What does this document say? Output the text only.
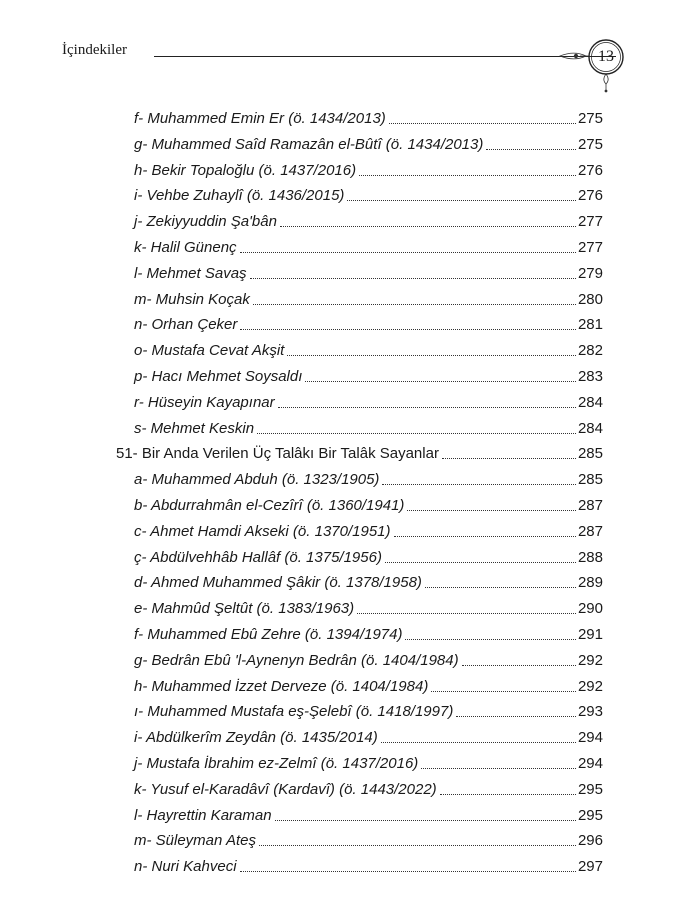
İçindekiler	13
f- Muhammed Emin Er (ö. 1434/2013)	275
g- Muhammed Saîd Ramazân el-Bûtî (ö. 1434/2013)	275
h- Bekir Topaloğlu (ö. 1437/2016)	276
i- Vehbe Zuhaylî (ö. 1436/2015)	276
j- Zekiyyuddin Şa'bân	277
k- Halil Günenç	277
l- Mehmet Savaş	279
m- Muhsin Koçak	280
n- Orhan Çeker	281
o- Mustafa Cevat Akşit	282
p- Hacı Mehmet Soysaldı	283
r- Hüseyin Kayapınar	284
s- Mehmet Keskin	284
51- Bir Anda Verilen Üç Talâkı Bir Talâk Sayanlar	285
a- Muhammed Abduh (ö. 1323/1905)	285
b- Abdurrahmân el-Cezîrî (ö. 1360/1941)	287
c- Ahmet Hamdi Akseki (ö. 1370/1951)	287
ç- Abdülvehhâb Hallâf (ö. 1375/1956)	288
d- Ahmed Muhammed Şâkir (ö. 1378/1958)	289
e- Mahmûd Şeltût (ö. 1383/1963)	290
f- Muhammed Ebû Zehre (ö. 1394/1974)	291
g- Bedrân Ebû 'l-Aynenyn Bedrân (ö. 1404/1984)	292
h- Muhammed İzzet Derveze (ö. 1404/1984)	292
ı- Muhammed Mustafa eş-Şelebî (ö. 1418/1997)	293
i- Abdülkerîm Zeydân (ö. 1435/2014)	294
j- Mustafa İbrahim ez-Zelmî (ö. 1437/2016)	294
k- Yusuf el-Karadâvî (Kardavî) (ö. 1443/2022)	295
l- Hayrettin Karaman	295
m- Süleyman Ateş	296
n- Nuri Kahveci	297
